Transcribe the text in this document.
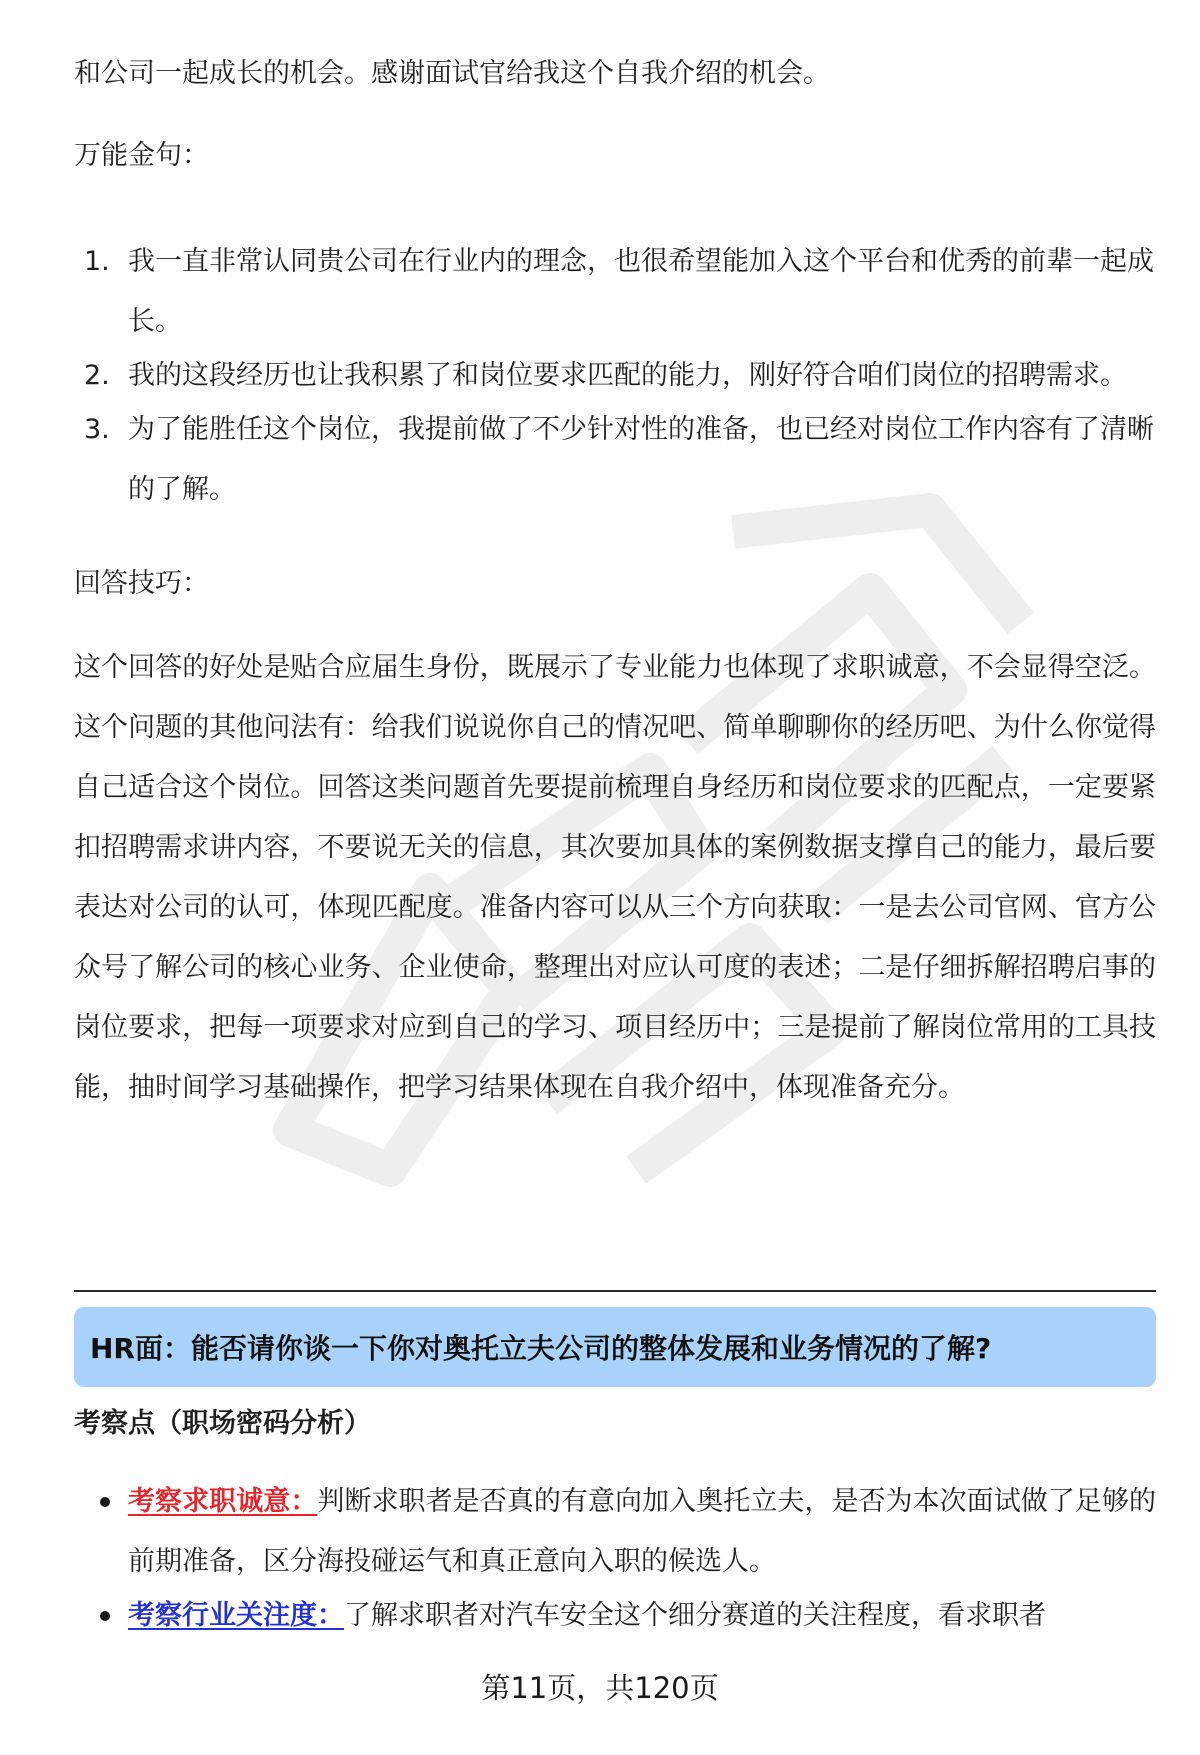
和公司一起成长的机会。感谢面试官给我这个自我介绍的机会。
万能金句：
1. 我一直非常认同贵公司在行业内的理念，也很希望能加入这个平台和优秀的前辈一起成长。
2. 我的这段经历也让我积累了和岗位要求匹配的能力，刚好符合咱们岗位的招聘需求。
3. 为了能胜任这个岗位，我提前做了不少针对性的准备，也已经对岗位工作内容有了清晰的了解。
回答技巧：
这个回答的好处是贴合应届生身份，既展示了专业能力也体现了求职诚意，不会显得空泛。这个问题的其他问法有：给我们说说你自己的情况吧、简单聊聊你的经历吧、为什么你觉得自己适合这个岗位。回答这类问题首先要提前梳理自身经历和岗位要求的匹配点，一定要紧扣招聘需求讲内容，不要说无关的信息，其次要加具体的案例数据支撑自己的能力，最后要表达对公司的认可，体现匹配度。准备内容可以从三个方向获取：一是去公司官网、官方公众号了解公司的核心业务、企业使命，整理出对应认可度的表述；二是仔细拆解招聘启事的岗位要求，把每一项要求对应到自己的学习、项目经历中；三是提前了解岗位常用的工具技能，抽时间学习基础操作，把学习结果体现在自我介绍中，体现准备充分。
HR面：能否请你谈一下你对奥托立夫公司的整体发展和业务情况的了解?
考察点（职场密码分析）
考察求职诚意：判断求职者是否真的有意向加入奥托立夫，是否为本次面试做了足够的前期准备，区分海投碰运气和真正意向入职的候选人。
考察行业关注度：了解求职者对汽车安全这个细分赛道的关注程度，看求职者
第11页，共120页
